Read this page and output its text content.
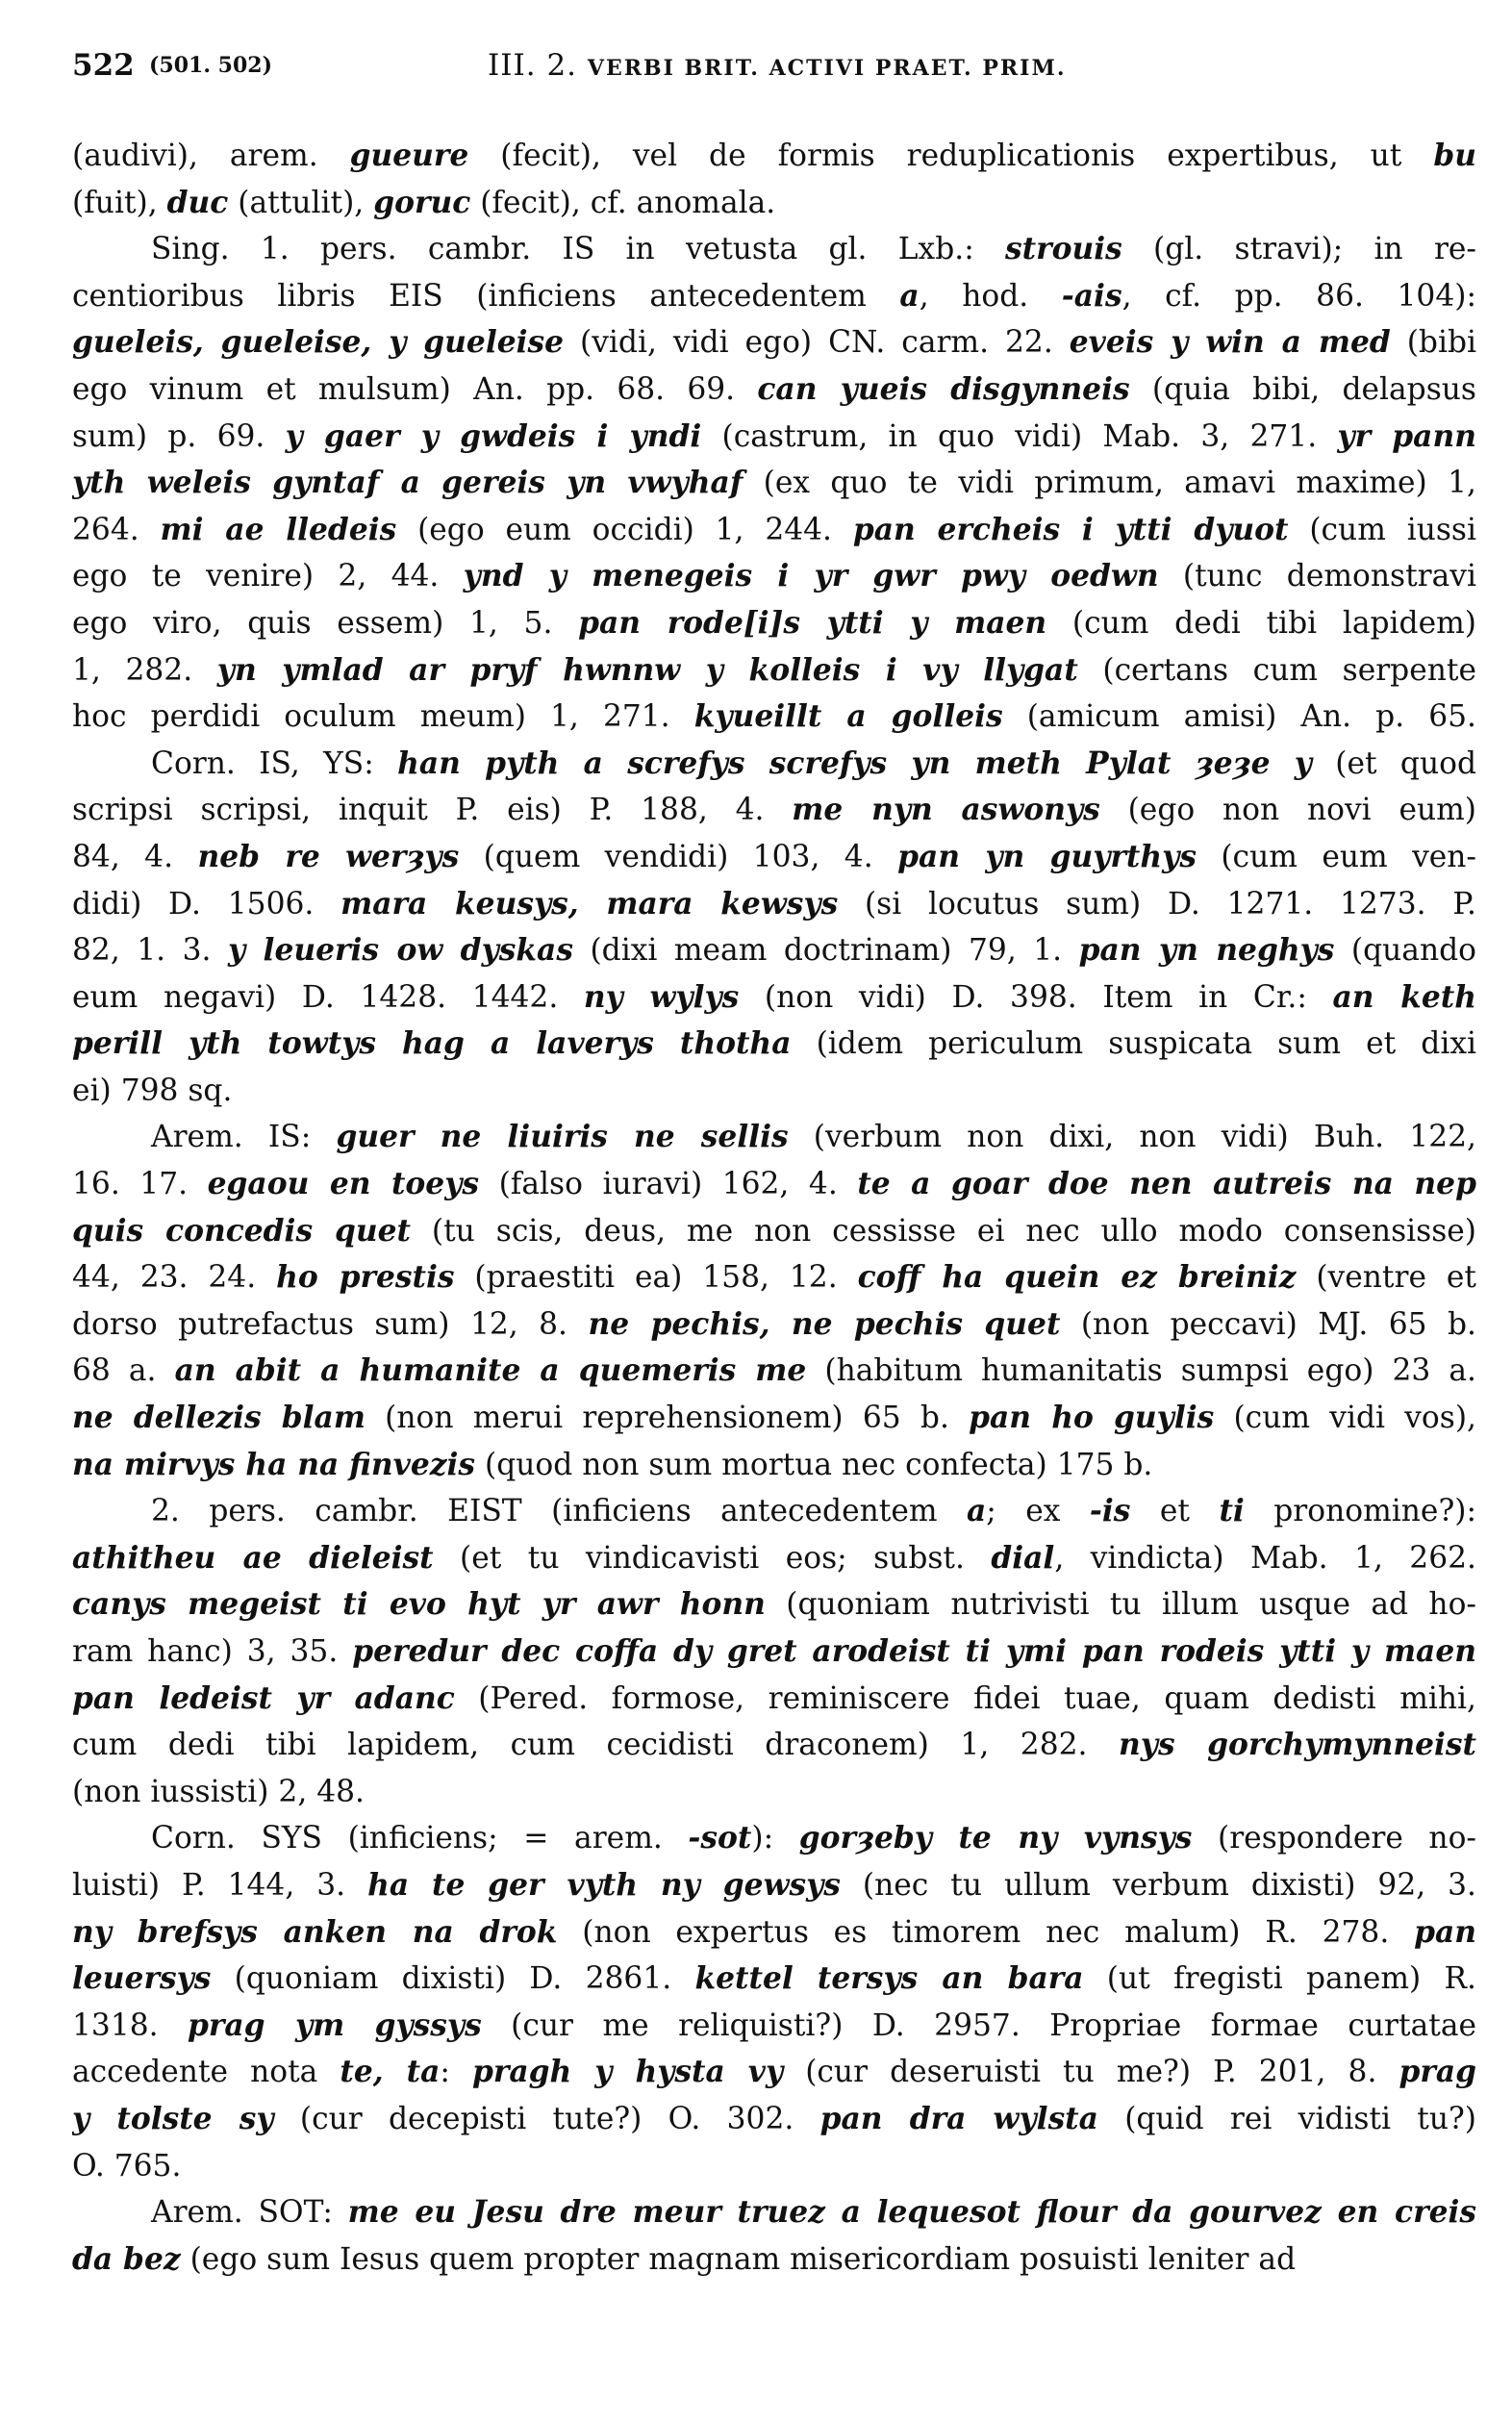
522 (501. 502)	III. 2. VERBI BRIT. ACTIVI PRAET. PRIM.
(audivi), arem. gueure (fecit), vel de formis reduplicationis expertibus, ut bu
(fuit), duc (attulit), goruc (fecit), cf. anomala.
Sing. 1. pers. cambr. IS in vetusta gl. Lxb.: strouis (gl. stravi); in re-
centioribus libris EIS (inficiens antecedentem a, hod. -ais, cf. pp. 86. 104):
gueleis, gueleise, y gueleise (vidi, vidi ego) CN. carm. 22. eveis y win a med (bibi
ego vinum et mulsum) An. pp. 68. 69. can yueis disgynneis (quia bibi, delapsus
sum) p. 69. y gaer y gwdeis i yndi (castrum, in quo vidi) Mab. 3, 271. yr pann
yth weleis gyntaf a gereis yn vwyhaf (ex quo te vidi primum, amavi maxime) 1,
264. mi ae lledeis (ego eum occidi) 1, 244. pan ercheis i ytti dyuot (cum iussi
ego te venire) 2, 44. ynd y menegeis i yr gwr pwy oedwn (tunc demonstravi
ego viro, quis essem) 1, 5. pan rode[i]s ytti y maen (cum dedi tibi lapidem)
1, 282. yn ymlad ar pryf hwnnw y kolleis i vy llygat (certans cum serpente
hoc perdidi oculum meum) 1, 271. kyueillt a golleis (amicum amisi) An. p. 65.
Corn. IS, YS: han pyth a screfys screfys yn meth Pylat ȝeȝe y (et quod
scripsi scripsi, inquit P. eis) P. 188, 4. me nyn aswonys (ego non novi eum)
84, 4. neb re werȝys (quem vendidi) 103, 4. pan yn guyrthys (cum eum ven-
didi) D. 1506. mara keusys, mara kewsys (si locutus sum) D. 1271. 1273. P.
82, 1. 3. y leueris ow dyskas (dixi meam doctrinam) 79, 1. pan yn neghys (quando
eum negavi) D. 1428. 1442. ny wylys (non vidi) D. 398. Item in Cr.: an keth
perill yth towtys hag a laverys thotha (idem periculum suspicata sum et dixi
ei) 798 sq.
Arem. IS: guer ne liuiris ne sellis (verbum non dixi, non vidi) Buh. 122,
16. 17. egaou en toeys (falso iuravi) 162, 4. te a goar doe nen autreis na nep
quis concedis quet (tu scis, deus, me non cessisse ei nec ullo modo consensisse)
44, 23. 24. ho prestis (praestiti ea) 158, 12. coff ha quein ez breiniz (ventre et
dorso putrefactus sum) 12, 8. ne pechis, ne pechis quet (non peccavi) MJ. 65 b.
68 a. an abit a humanite a quemeris me (habitum humanitatis sumpsi ego) 23 a.
ne dellezis blam (non merui reprehensionem) 65 b. pan ho guylis (cum vidi vos),
na mirvys ha na finvezis (quod non sum mortua nec confecta) 175 b.
2. pers. cambr. EIST (inficiens antecedentem a; ex -is et ti pronomine?):
athitheu ae dieleist (et tu vindicavisti eos; subst. dial, vindicta) Mab. 1, 262.
canys megeist ti evo hyt yr awr honn (quoniam nutrivisti tu illum usque ad ho-
ram hanc) 3, 35. peredur dec coffa dy gret arodeist ti ymi pan rodeis ytti y maen
pan ledeist yr adanc (Pered. formose, reminiscere fidei tuae, quam dedisti mihi,
cum dedi tibi lapidem, cum cecidisti draconem) 1, 282. nys gorchymynneist
(non iussisti) 2, 48.
Corn. SYS (inficiens; = arem. -sot): gorȝeby te ny vynsys (respondere no-
luisti) P. 144, 3. ha te ger vyth ny gewsys (nec tu ullum verbum dixisti) 92, 3.
ny brefsys anken na drok (non expertus es timorem nec malum) R. 278. pan
leuersys (quoniam dixisti) D. 2861. kettel tersys an bara (ut fregisti panem) R.
1318. prag ym gyssys (cur me reliquisti?) D. 2957. Propriae formae curtatae
accedente nota te, ta: pragh y hysta vy (cur deseruisti tu me?) P. 201, 8. prag
y tolste sy (cur decepisti tute?) O. 302. pan dra wylsta (quid rei vidisti tu?)
O. 765.
Arem. SOT: me eu Jesu dre meur truez a lequesot flour da gourvez en creis
da bez (ego sum Iesus quem propter magnam misericordiam posuisti leniter ad
